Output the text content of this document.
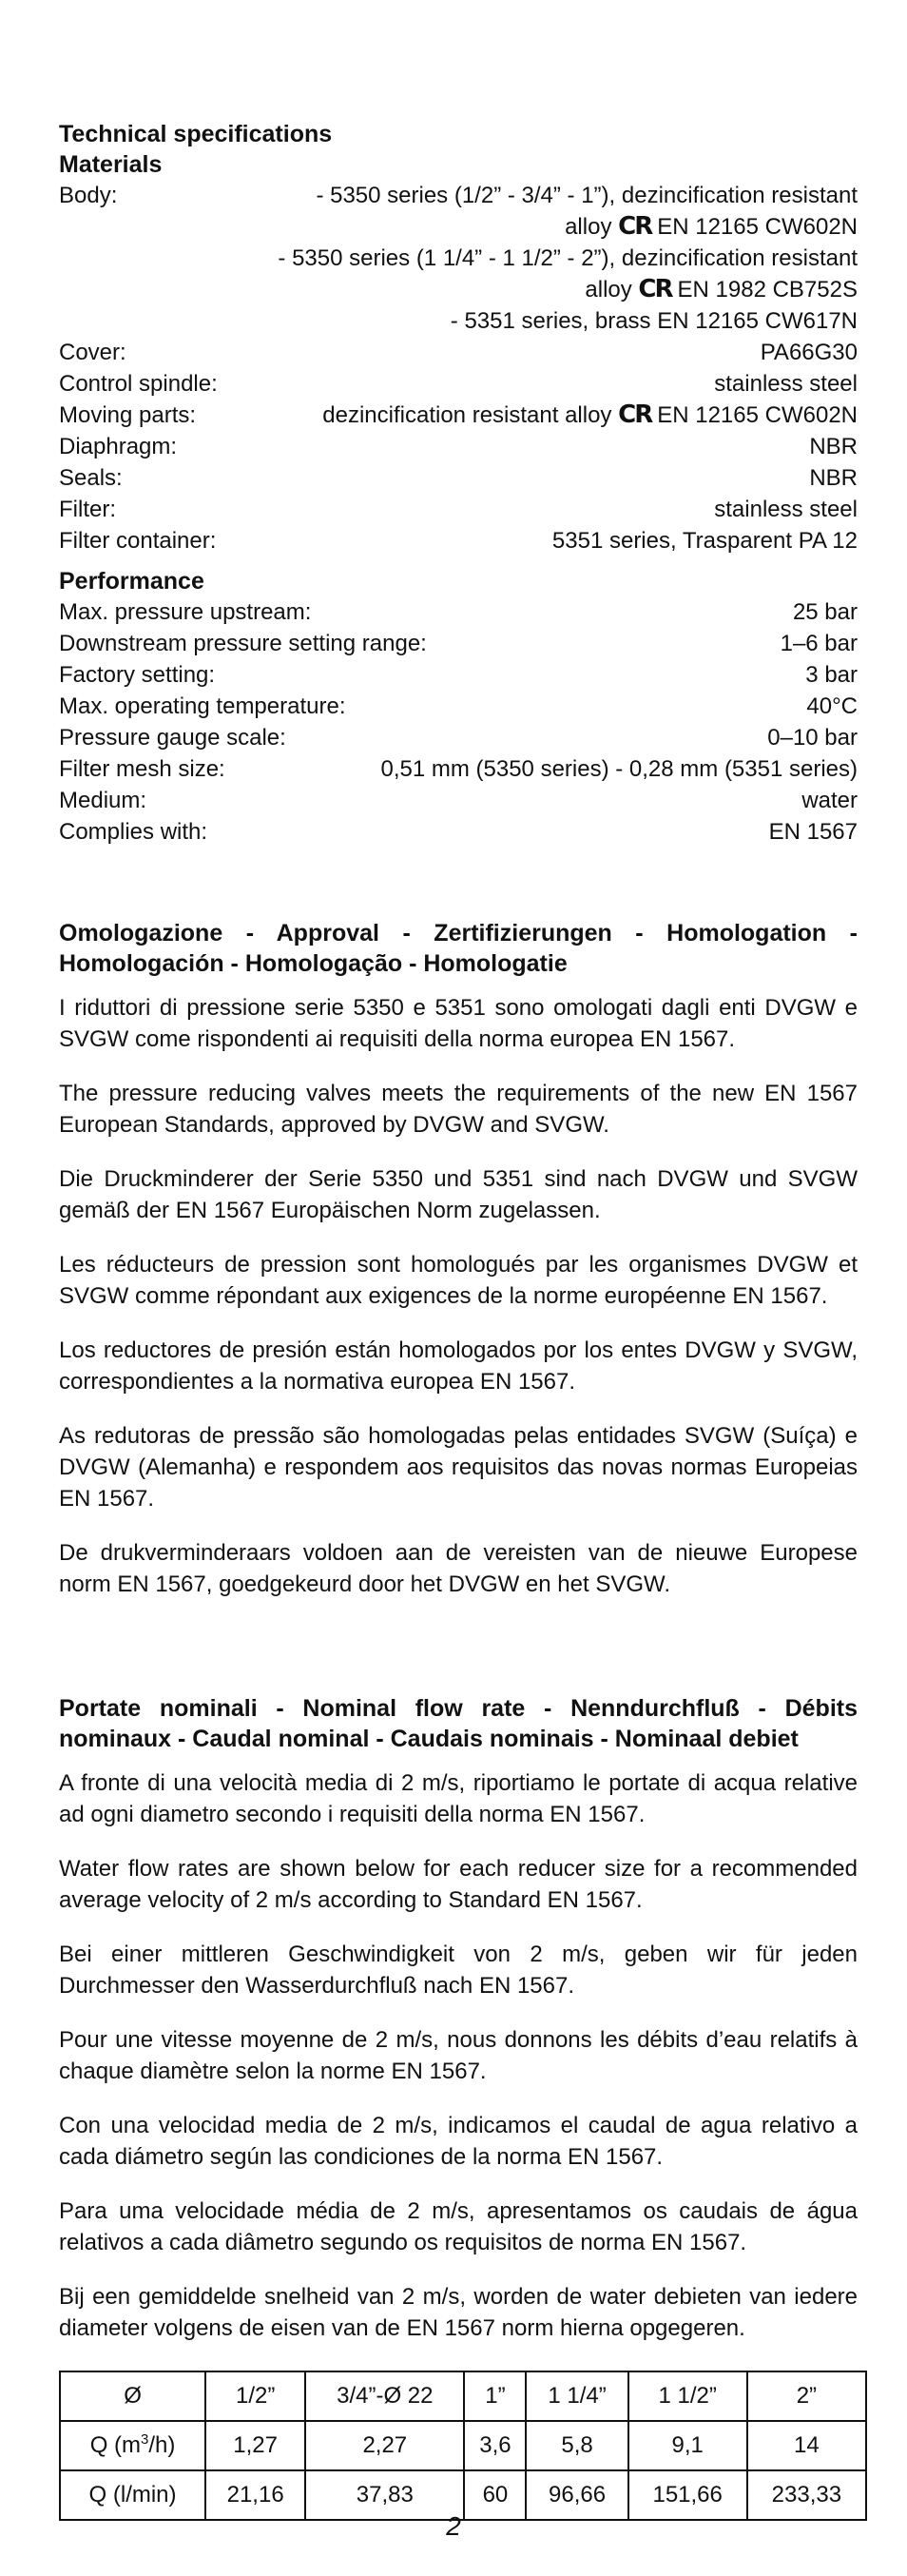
Technical specifications
Materials
Body:	- 5350 series (1/2” - 3/4” - 1”), dezincification resistant
alloy CR EN 12165 CW602N
- 5350 series (1 1/4” - 1 1/2” - 2”), dezincification resistant
alloy CR EN 1982 CB752S
- 5351 series, brass EN 12165 CW617N
Cover:	PA66G30
Control spindle:	stainless steel
Moving parts:	dezincification resistant alloy CR EN 12165 CW602N
Diaphragm:	NBR
Seals:	NBR
Filter:	stainless steel
Filter container:	5351 series, Trasparent PA 12
Performance
Max. pressure upstream:	25 bar
Downstream pressure setting range:	1–6 bar
Factory setting:	3 bar
Max. operating temperature:	40°C
Pressure gauge scale:	0–10 bar
Filter mesh size:	0,51 mm (5350 series) - 0,28 mm (5351 series)
Medium:	water
Complies with:	EN 1567
Omologazione - Approval - Zertifizierungen - Homologation - Homologación - Homologação - Homologatie

I riduttori di pressione serie 5350 e 5351 sono omologati dagli enti DVGW e SVGW come rispondenti ai requisiti della norma europea EN 1567.

The pressure reducing valves meets the requirements of the new EN 1567 European Standards, approved by DVGW and SVGW.

Die Druckminderer der Serie 5350 und 5351 sind nach DVGW und SVGW gemäß der EN 1567 Europäischen Norm zugelassen.

Les réducteurs de pression sont homologués par les organismes DVGW et SVGW comme répondant aux exigences de la norme européenne EN 1567.

Los reductores de presión están homologados por los entes DVGW y SVGW, correspondientes a la normativa europea EN 1567.

As redutoras de pressão são homologadas pelas entidades SVGW (Suíça) e DVGW (Alemanha) e respondem aos requisitos das novas normas Europeias EN 1567.

De drukverminderaars voldoen aan de vereisten van de nieuwe Europese norm EN 1567, goedgekeurd door het DVGW en het SVGW.

Portate nominali - Nominal flow rate - Nenndurchfluß - Débits nominaux - Caudal nominal - Caudais nominais - Nominaal debiet

A fronte di una velocità media di 2 m/s, riportiamo le portate di acqua relative ad ogni diametro secondo i requisiti della norma EN 1567.

Water flow rates are shown below for each reducer size for a recommended average velocity of 2 m/s according to Standard EN 1567.

Bei einer mittleren Geschwindigkeit von 2 m/s, geben wir für jeden Durchmesser den Wasserdurchfluß nach EN 1567.

Pour une vitesse moyenne de 2 m/s, nous donnons les débits d’eau relatifs à chaque diamètre selon la norme EN 1567.

Con una velocidad media de 2 m/s, indicamos el caudal de agua relativo a cada diámetro según las condiciones de la norma EN 1567.

Para uma velocidade média de 2 m/s, apresentamos os caudais de água relativos a cada diâmetro segundo os requisitos de norma EN 1567.

Bij een gemiddelde snelheid van 2 m/s, worden de water debieten van iedere diameter volgens de eisen van de EN 1567 norm hierna opgegeren.

Ø	1/2”	3/4”-Ø 22	1”	1 1/4”	1 1/2”	2”
Q $(m^3/h)$	1,27	2,27	3,6	5,8	9,1	14
Q (l/min)	21,16	37,83	60	96,66	151,66	233,33
2
